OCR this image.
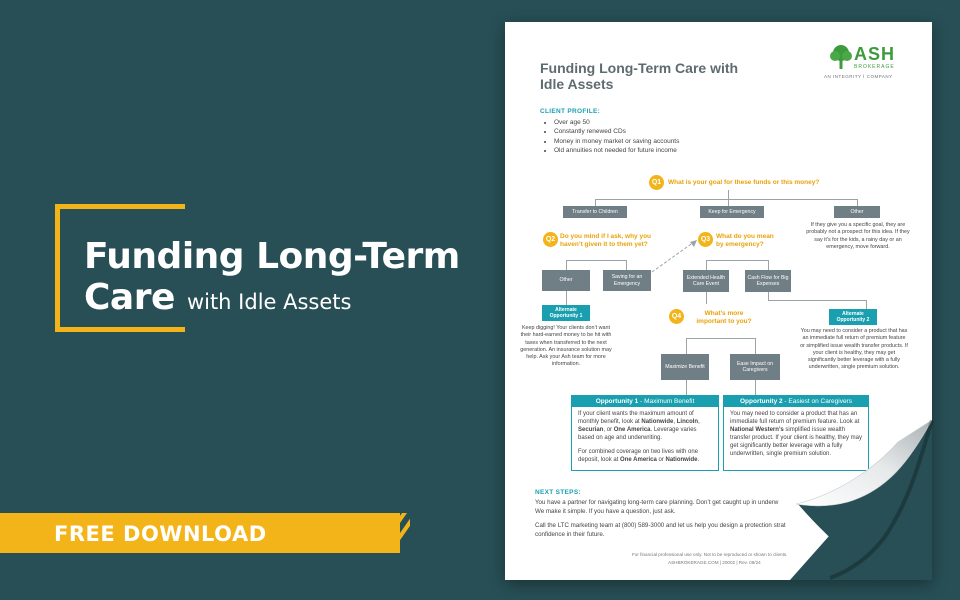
Funding Long-Term
Care with Idle Assets
FREE DOWNLOAD
Funding Long-Term Care with Idle Assets
ASH
BROKERAGE
AN INTEGRITY Ⅰ COMPANY
CLIENT PROFILE:
• Over age 50
• Constantly renewed CDs
• Money in money market or saving accounts
• Old annuities not needed for future income
Q1	What is your goal for these funds or this money?
Transfer to Children	Keep for Emergency	Other
If they give you a specific goal, they are probably not a prospect for this idea. If they say it’s for the kids, a rainy day or an emergency, move forward.
Q2 Do you mind if I ask, why you
haven’t given it to them yet?
Other
Saving for an Emergency
Q3 What do you mean
by emergency?
Extended Health Care Event
Cash Flow for Big Expenses
Alternate Opportunity 1
Keep digging! Your clients don’t want their hard-earned money to be hit with taxes when transferred to the next generation. An insurance solution may help. Ask your Ash team for more information.
Alternate Opportunity 2
You may need to consider a product that has an immediate full return of premium feature or simplified issue wealth transfer products. If your client is healthy, they may get significantly better leverage with a fully underwritten, single premium solution.
Q4	What’s more
important to you?
Maximize Benefit
Ease Impact on Caregivers
Opportunity 1 - Maximum Benefit
If your client wants the maximum amount of monthly benefit, look at Nationwide, Lincoln, Securian, or One America. Leverage varies based on age and underwriting.
For combined coverage on two lives with one deposit, look at One America or Nationwide.
Opportunity 2 - Easiest on Caregivers
You may need to consider a product that has an immediate full return of premium feature. Look at National Western’s simplified issue wealth transfer product. If your client is healthy, they may get significantly better leverage with a fully underwritten, single premium solution.
NEXT STEPS:
You have a partner for navigating long-term care planning. Don’t get caught up in underw
We make it simple. If you have a question, just ask.
Call the LTC marketing team at (800) 589-3000 and let us help you design a protection strat
confidence in their future.
For financial professional use only. Not to be reproduced or shown to clients.
ASHBROKERAGE.COM | 20002 | Rev. 09/24
